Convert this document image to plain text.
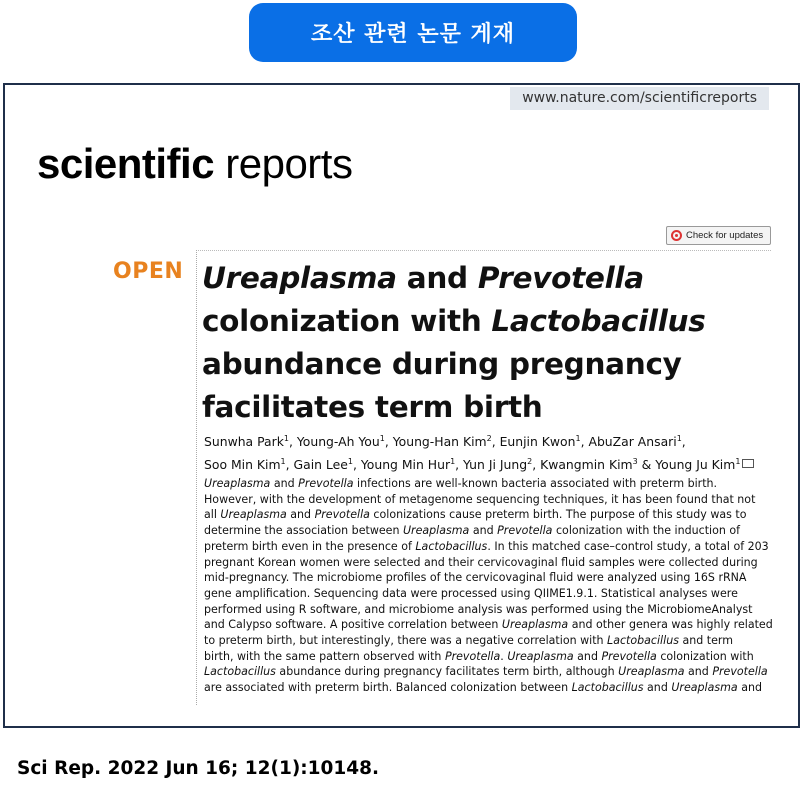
조산 관련 논문 게재
www.nature.com/scientificreports
scientific reports
Check for updates
OPEN Ureaplasma and Prevotella colonization with Lactobacillus abundance during pregnancy facilitates term birth
Sunwha Park$^1$, Young-Ah You$^1$, Young-Han Kim$^2$, Eunjin Kwon$^1$, AbuZar Ansari$^1$,
Soo Min Kim$^1$, Gain Lee$^1$, Young Min Hur$^1$, Yun Ji Jung$^2$, Kwangmin Kim$^3$ & Young Ju Kim$^1$
Ureaplasma and Prevotella infections are well-known bacteria associated with preterm birth.
However, with the development of metagenome sequencing techniques, it has been found that not
all Ureaplasma and Prevotella colonizations cause preterm birth. The purpose of this study was to
determine the association between Ureaplasma and Prevotella colonization with the induction of
preterm birth even in the presence of Lactobacillus. In this matched case–control study, a total of 203
pregnant Korean women were selected and their cervicovaginal fluid samples were collected during
mid-pregnancy. The microbiome profiles of the cervicovaginal fluid were analyzed using 16S rRNA
gene amplification. Sequencing data were processed using QIIME1.9.1. Statistical analyses were
performed using R software, and microbiome analysis was performed using the MicrobiomeAnalyst
and Calypso software. A positive correlation between Ureaplasma and other genera was highly related
to preterm birth, but interestingly, there was a negative correlation with Lactobacillus and term
birth, with the same pattern observed with Prevotella. Ureaplasma and Prevotella colonization with
Lactobacillus abundance during pregnancy facilitates term birth, although Ureaplasma and Prevotella
are associated with preterm birth. Balanced colonization between Lactobacillus and Ureaplasma and
Sci Rep. 2022 Jun 16; 12(1):10148.
